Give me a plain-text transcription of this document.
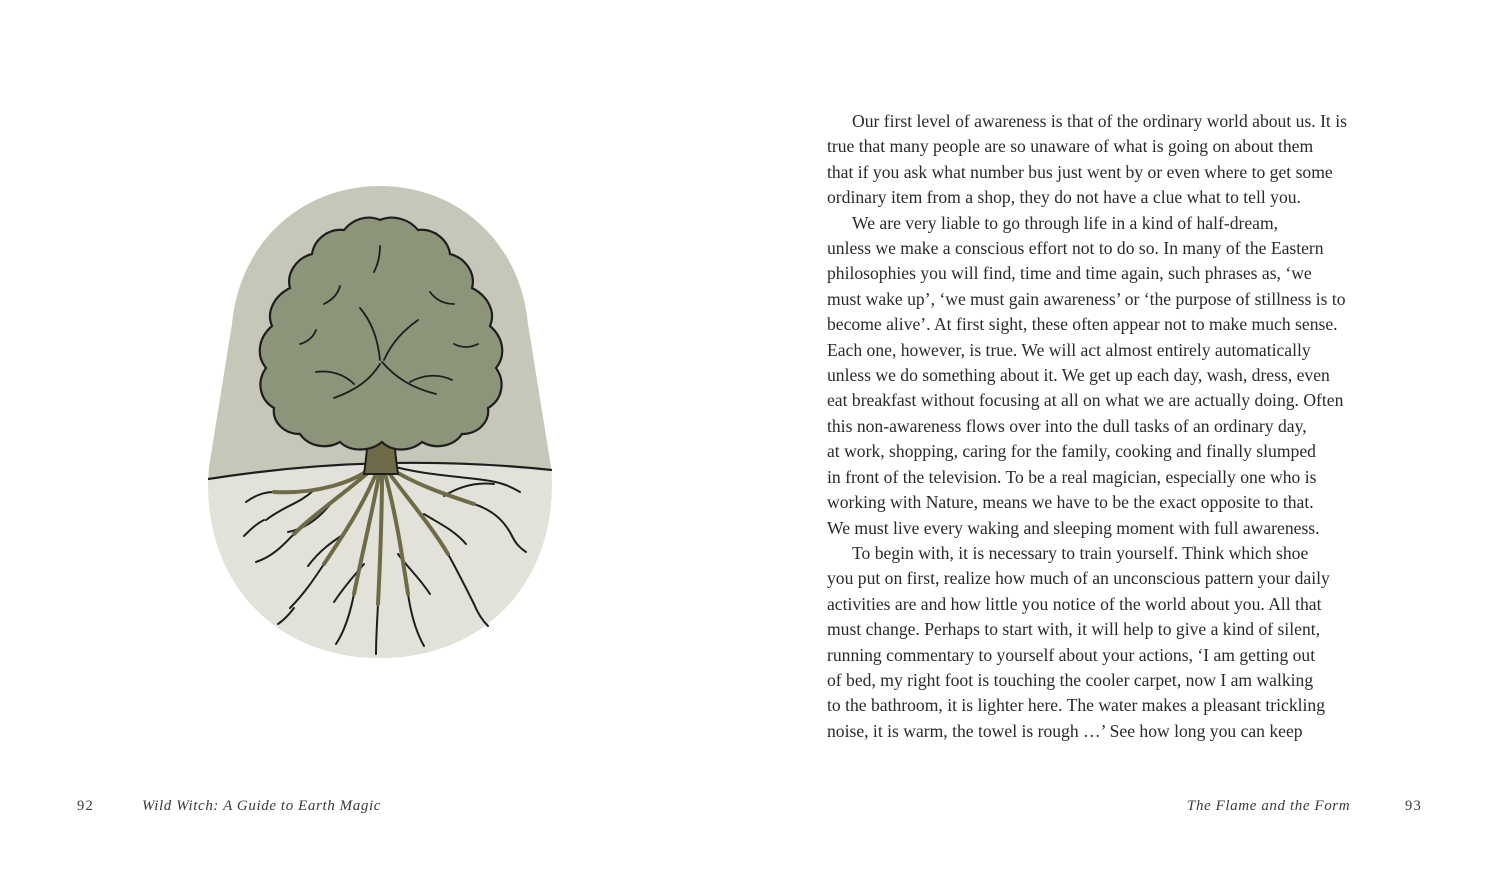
92	Wild Witch: A Guide to Earth Magic

Our first level of awareness is that of the ordinary world about us. It is
true that many people are so unaware of what is going on about them
that if you ask what number bus just went by or even where to get some
ordinary item from a shop, they do not have a clue what to tell you.
We are very liable to go through life in a kind of half-dream,
unless we make a conscious effort not to do so. In many of the Eastern
philosophies you will find, time and time again, such phrases as, ‘we
must wake up’, ‘we must gain awareness’ or ‘the purpose of stillness is to
become alive’. At first sight, these often appear not to make much sense.
Each one, however, is true. We will act almost entirely automatically
unless we do something about it. We get up each day, wash, dress, even
eat breakfast without focusing at all on what we are actually doing. Often
this non-awareness flows over into the dull tasks of an ordinary day,
at work, shopping, caring for the family, cooking and finally slumped
in front of the television. To be a real magician, especially one who is
working with Nature, means we have to be the exact opposite to that.
We must live every waking and sleeping moment with full awareness.
To begin with, it is necessary to train yourself. Think which shoe
you put on first, realize how much of an unconscious pattern your daily
activities are and how little you notice of the world about you. All that
must change. Perhaps to start with, it will help to give a kind of silent,
running commentary to yourself about your actions, ‘I am getting out
of bed, my right foot is touching the cooler carpet, now I am walking
to the bathroom, it is lighter here. The water makes a pleasant trickling
noise, it is warm, the towel is rough …’ See how long you can keep

The Flame and the Form	93
